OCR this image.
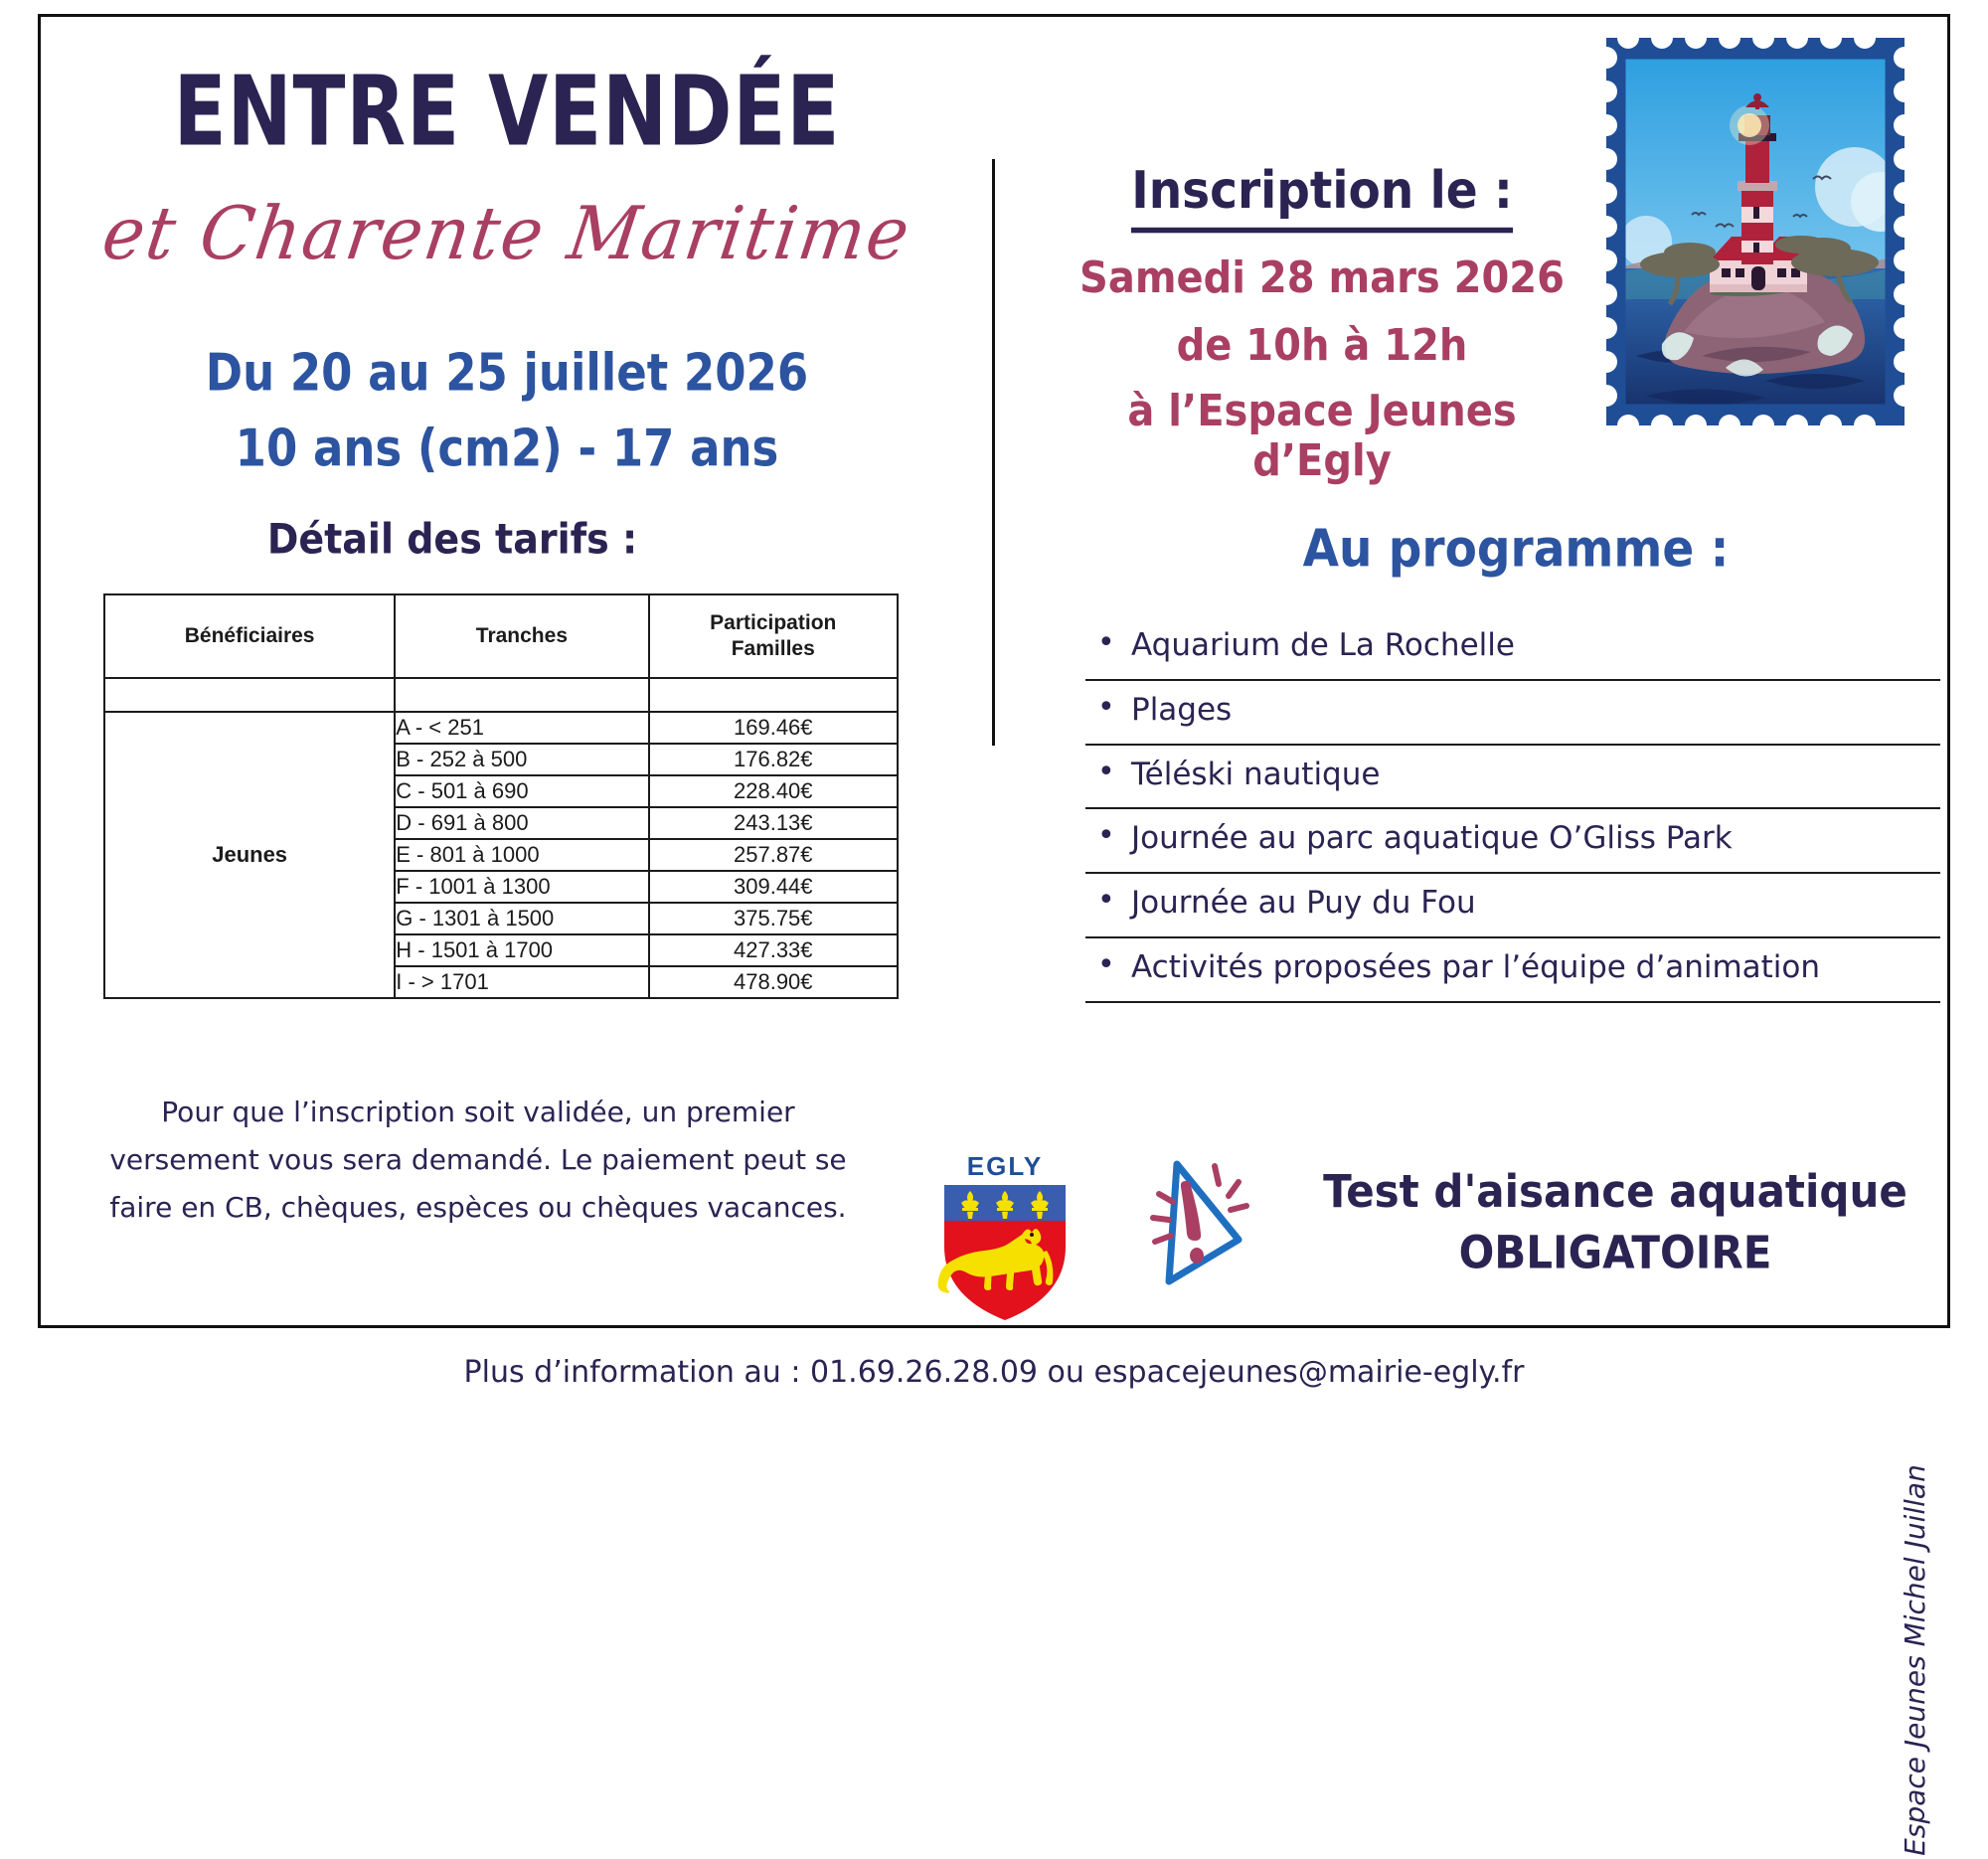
ENTRE VENDÉE
et Charente Maritime
Du 20 au 25 juillet 2026
10 ans (cm2) - 17 ans
Détail des tarifs :
Bénéficiaires	Tranches	Participation
Familles

Jeunes	A - < 251	169.46€
	B - 252 à 500	176.82€
	C - 501 à 690	228.40€
	D - 691 à 800	243.13€
	E - 801 à 1000	257.87€
	F - 1001 à 1300	309.44€
	G - 1301 à 1500	375.75€
	H - 1501 à 1700	427.33€
	I - > 1701	478.90€
Pour que l’inscription soit validée, un premier versement vous sera demandé. Le paiement peut se faire en CB, chèques, espèces ou chèques vacances.
Espace Jeunes Michel Juillan
Inscription le :
Samedi 28 mars 2026
de 10h à 12h
à l’Espace Jeunes d’Egly
Au programme :
• Aquarium de La Rochelle
• Plages
• Téléski nautique
• Journée au parc aquatique O’Gliss Park
• Journée au Puy du Fou
• Activités proposées par l’équipe d’animation
EGLY	Test d'aisance aquatique
OBLIGATOIRE
Plus d’information au : 01.69.26.28.09 ou espacejeunes@mairie-egly.fr
